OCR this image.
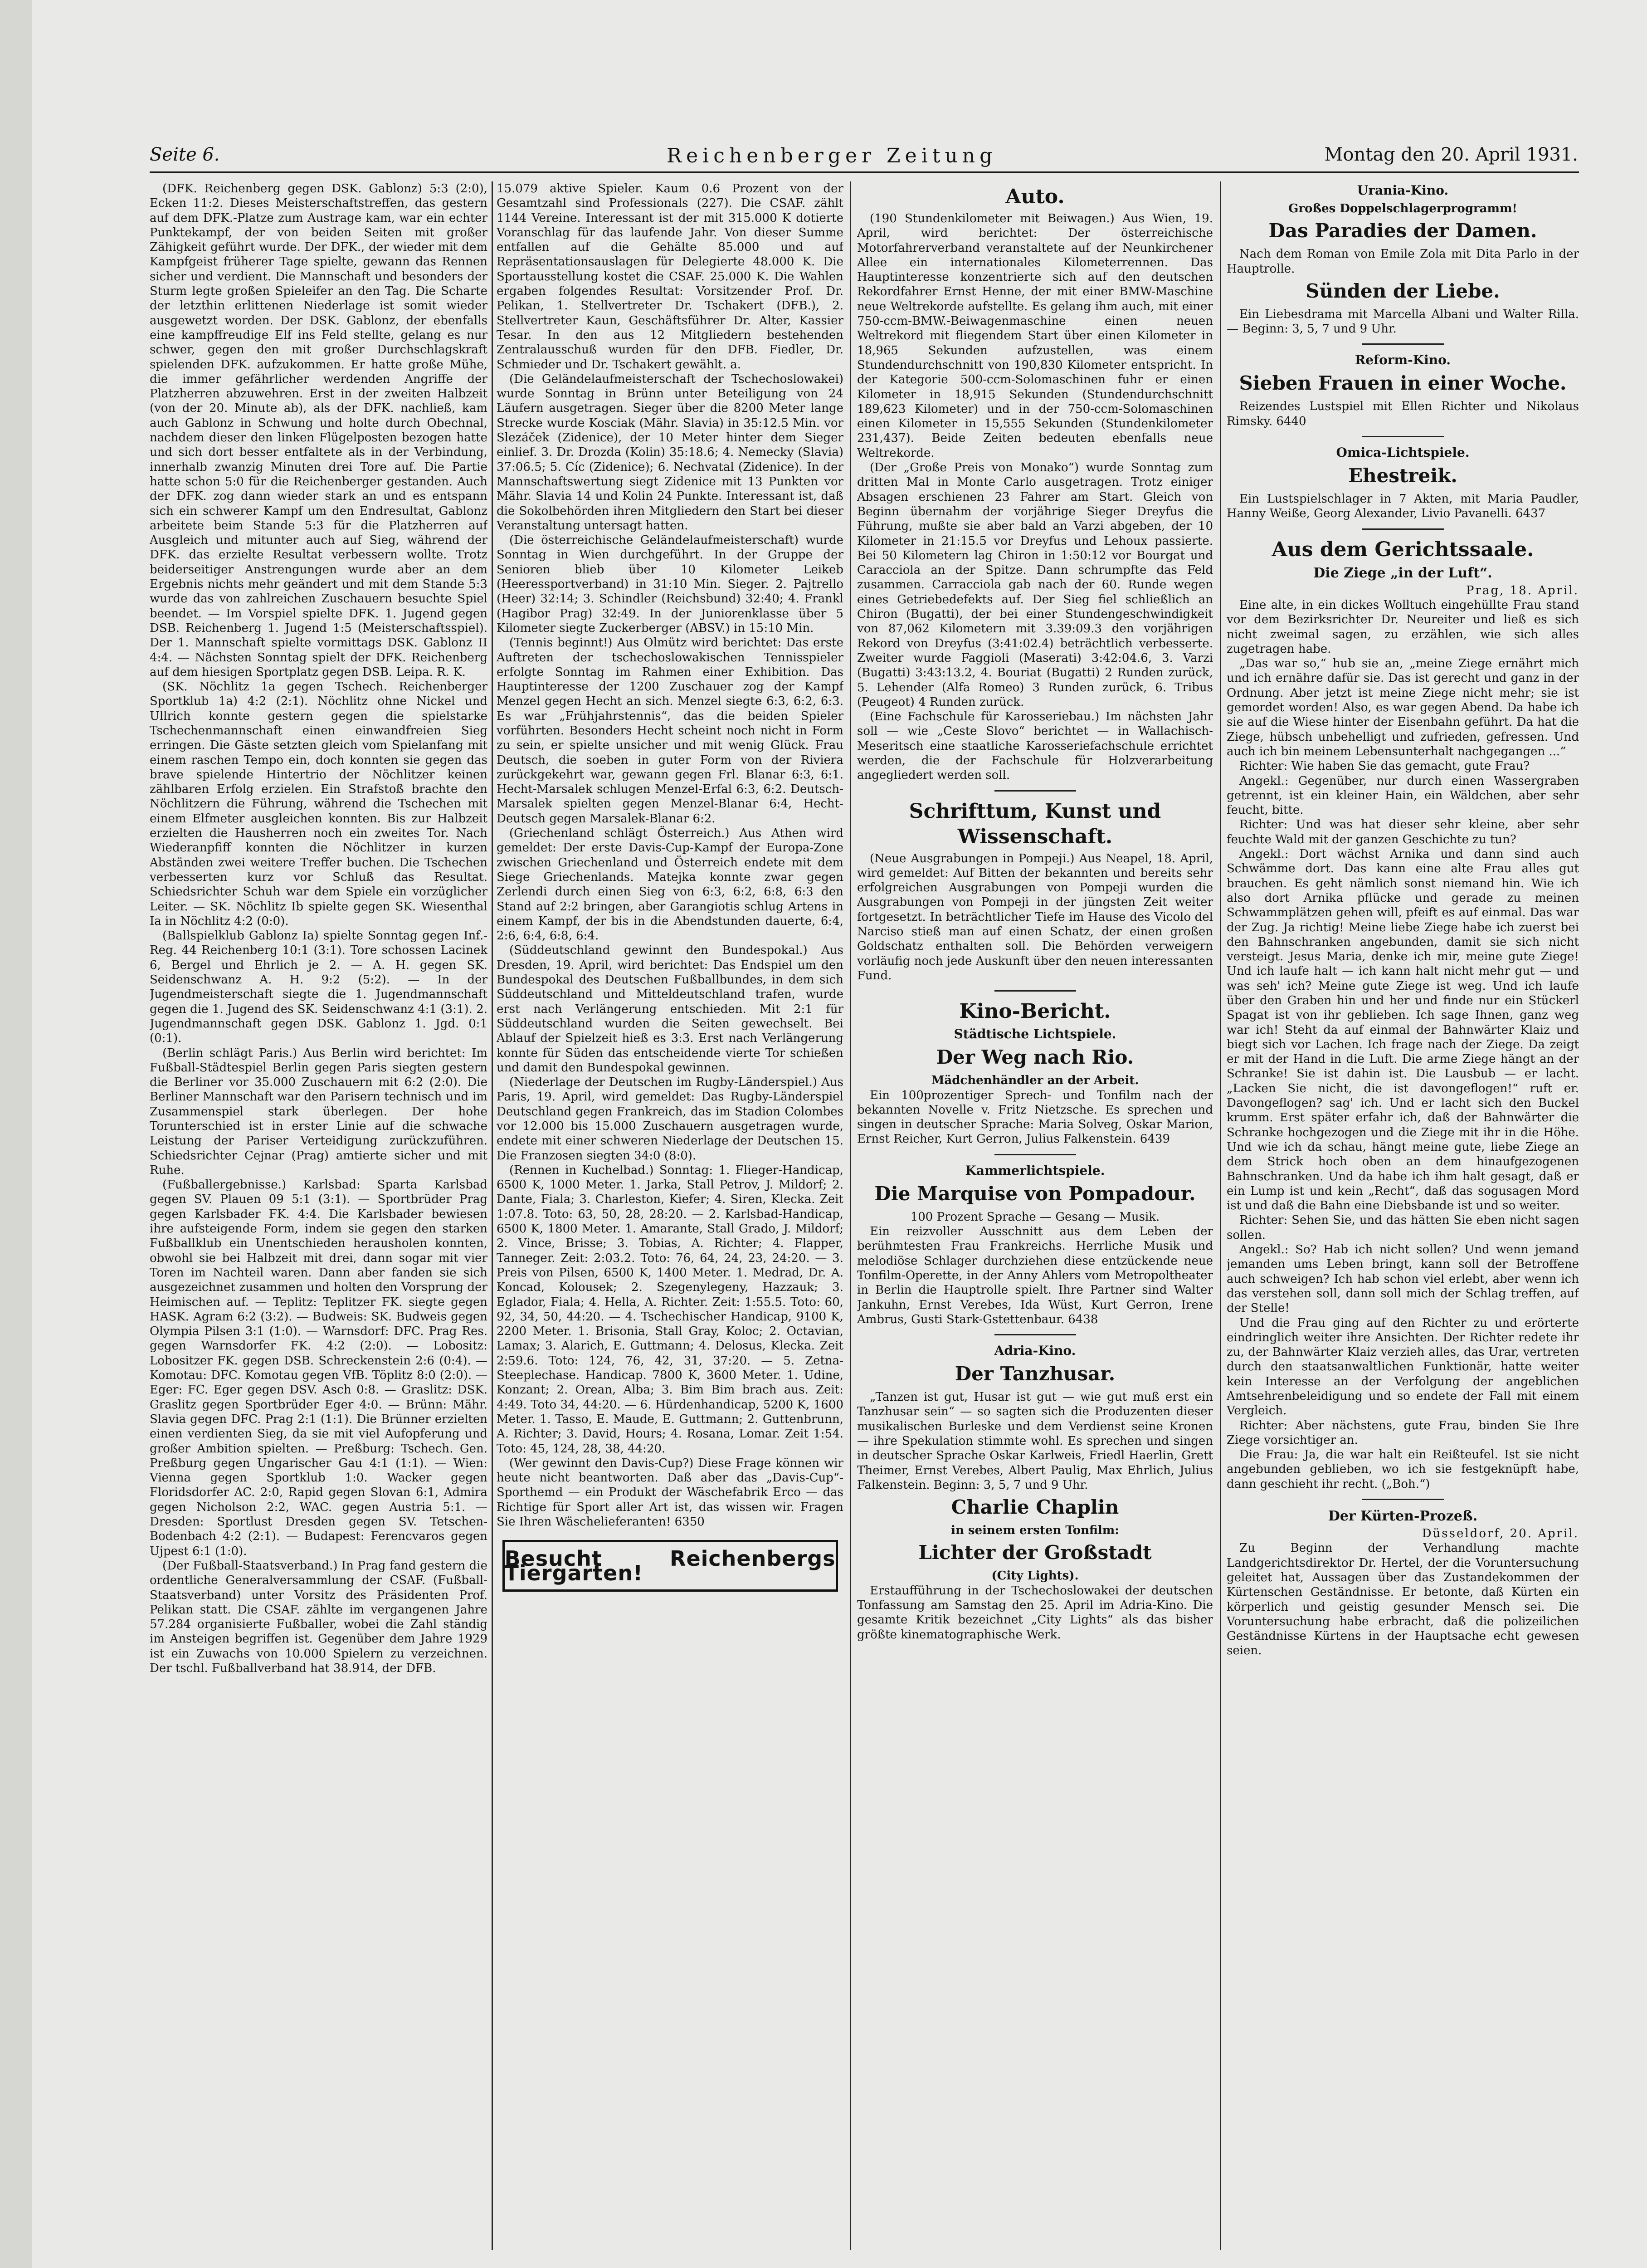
Seite 6.	Reichenberger Zeitung	Montag den 20. April 1931.

(DFK. Reichenberg gegen DSK. Gablonz) 5:3 (2:0), Ecken 11:2. Dieses Meisterschaftstreffen, das gestern auf dem DFK.-Platze zum Austrage kam, war ein echter Punktekampf, der von beiden Seiten mit großer Zähigkeit geführt wurde. Der DFK., der wieder mit dem Kampfgeist früherer Tage spielte, gewann das Rennen sicher und verdient. Die Mannschaft und besonders der Sturm legte großen Spieleifer an den Tag. Die Scharte der letzthin erlittenen Niederlage ist somit wieder ausgewetzt worden. Der DSK. Gablonz, der ebenfalls eine kampffreudige Elf ins Feld stellte, gelang es nur schwer, gegen den mit großer Durchschlagskraft spielenden DFK. aufzukommen. Er hatte große Mühe, die immer gefährlicher werdenden Angriffe der Platzherren abzuwehren. Erst in der zweiten Halbzeit (von der 20. Minute ab), als der DFK. nachließ, kam auch Gablonz in Schwung und holte durch Obechnal, nachdem dieser den linken Flügelposten bezogen hatte und sich dort besser entfaltete als in der Verbindung, innerhalb zwanzig Minuten drei Tore auf. Die Partie hatte schon 5:0 für die Reichenberger gestanden. Auch der DFK. zog dann wieder stark an und es entspann sich ein schwerer Kampf um den Endresultat, Gablonz arbeitete beim Stande 5:3 für die Platzherren auf Ausgleich und mitunter auch auf Sieg, während der DFK. das erzielte Resultat verbessern wollte. Trotz beiderseitiger Anstrengungen wurde aber an dem Ergebnis nichts mehr geändert und mit dem Stande 5:3 wurde das von zahlreichen Zuschauern besuchte Spiel beendet. — Im Vorspiel spielte DFK. 1. Jugend gegen DSB. Reichenberg 1. Jugend 1:5 (Meisterschaftsspiel). Der 1. Mannschaft spielte vormittags DSK. Gablonz II 4:4. — Nächsten Sonntag spielt der DFK. Reichenberg auf dem hiesigen Sportplatz gegen DSB. Leipa. R. K.

(SK. Nöchlitz 1a gegen Tschech. Reichenberger Sportklub 1a) 4:2 (2:1). Nöchlitz ohne Nickel und Ullrich konnte gestern gegen die spielstarke Tschechenmannschaft einen einwandfreien Sieg erringen. Die Gäste setzten gleich vom Spielanfang mit einem raschen Tempo ein, doch konnten sie gegen das brave spielende Hintertrio der Nöchlitzer keinen zählbaren Erfolg erzielen. Ein Strafstoß brachte den Nöchlitzern die Führung, während die Tschechen mit einem Elfmeter ausgleichen konnten. Bis zur Halbzeit erzielten die Hausherren noch ein zweites Tor. Nach Wiederanpfiff konnten die Nöchlitzer in kurzen Abständen zwei weitere Treffer buchen. Die Tschechen verbesserten kurz vor Schluß das Resultat. Schiedsrichter Schuh war dem Spiele ein vorzüglicher Leiter. — SK. Nöchlitz Ib spielte gegen SK. Wiesenthal Ia in Nöchlitz 4:2 (0:0).

(Ballspielklub Gablonz Ia) spielte Sonntag gegen Inf.-Reg. 44 Reichenberg 10:1 (3:1). Tore schossen Lacinek 6, Bergel und Ehrlich je 2. — A. H. gegen SK. Seidenschwanz A. H. 9:2 (5:2). — In der Jugendmeisterschaft siegte die 1. Jugendmannschaft gegen die 1. Jugend des SK. Seidenschwanz 4:1 (3:1). 2. Jugendmannschaft gegen DSK. Gablonz 1. Jgd. 0:1 (0:1).

(Berlin schlägt Paris.) Aus Berlin wird berichtet: Im Fußball-Städtespiel Berlin gegen Paris siegten gestern die Berliner vor 35.000 Zuschauern mit 6:2 (2:0). Die Berliner Mannschaft war den Parisern technisch und im Zusammenspiel stark überlegen. Der hohe Torunterschied ist in erster Linie auf die schwache Leistung der Pariser Verteidigung zurückzuführen. Schiedsrichter Cejnar (Prag) amtierte sicher und mit Ruhe.

(Fußballergebnisse.) Karlsbad: Sparta Karlsbad gegen SV. Plauen 09 5:1 (3:1). — Sportbrüder Prag gegen Karlsbader FK. 4:4. Die Karlsbader bewiesen ihre aufsteigende Form, indem sie gegen den starken Fußballklub ein Unentschieden herausholen konnten, obwohl sie bei Halbzeit mit drei, dann sogar mit vier Toren im Nachteil waren. Dann aber fanden sie sich ausgezeichnet zusammen und holten den Vorsprung der Heimischen auf. — Teplitz: Teplitzer FK. siegte gegen HASK. Agram 6:2 (3:2). — Budweis: SK. Budweis gegen Olympia Pilsen 3:1 (1:0). — Warnsdorf: DFC. Prag Res. gegen Warnsdorfer FK. 4:2 (2:0). — Lobositz: Lobositzer FK. gegen DSB. Schreckenstein 2:6 (0:4). — Komotau: DFC. Komotau gegen VfB. Töplitz 8:0 (2:0). — Eger: FC. Eger gegen DSV. Asch 0:8. — Graslitz: DSK. Graslitz gegen Sportbrüder Eger 4:0. — Brünn: Mähr. Slavia gegen DFC. Prag 2:1 (1:1). Die Brünner erzielten einen verdienten Sieg, da sie mit viel Aufopferung und großer Ambition spielten. — Preßburg: Tschech. Gen. Preßburg gegen Ungarischer Gau 4:1 (1:1). — Wien: Vienna gegen Sportklub 1:0. Wacker gegen Floridsdorfer AC. 2:0, Rapid gegen Slovan 6:1, Admira gegen Nicholson 2:2, WAC. gegen Austria 5:1. — Dresden: Sportlust Dresden gegen SV. Tetschen-Bodenbach 4:2 (2:1). — Budapest: Ferencvaros gegen Ujpest 6:1 (1:0).

(Der Fußball-Staatsverband.) In Prag fand gestern die ordentliche Generalversammlung der CSAF. (Fußball-Staatsverband) unter Vorsitz des Präsidenten Prof. Pelikan statt. Die CSAF. zählte im vergangenen Jahre 57.284 organisierte Fußballer, wobei die Zahl ständig im Ansteigen begriffen ist. Gegenüber dem Jahre 1929 ist ein Zuwachs von 10.000 Spielern zu verzeichnen. Der tschl. Fußballverband hat 38.914, der DFB.

15.079 aktive Spieler. Kaum 0.6 Prozent von der Gesamtzahl sind Professionals (227). Die CSAF. zählt 1144 Vereine. Interessant ist der mit 315.000 K dotierte Voranschlag für das laufende Jahr. Von dieser Summe entfallen auf die Gehälte 85.000 und auf Repräsentationsauslagen für Delegierte 48.000 K. Die Sportausstellung kostet die CSAF. 25.000 K. Die Wahlen ergaben folgendes Resultat: Vorsitzender Prof. Dr. Pelikan, 1. Stellvertreter Dr. Tschakert (DFB.), 2. Stellvertreter Kaun, Geschäftsführer Dr. Alter, Kassier Tesar. In den aus 12 Mitgliedern bestehenden Zentralausschuß wurden für den DFB. Fiedler, Dr. Schmieder und Dr. Tschakert gewählt. a.

(Die Geländelaufmeisterschaft der Tschechoslowakei) wurde Sonntag in Brünn unter Beteiligung von 24 Läufern ausgetragen. Sieger über die 8200 Meter lange Strecke wurde Kosciak (Mähr. Slavia) in 35:12.5 Min. vor Slezáček (Zidenice), der 10 Meter hinter dem Sieger einlief. 3. Dr. Drozda (Kolin) 35:18.6; 4. Nemecky (Slavia) 37:06.5; 5. Cíc (Zidenice); 6. Nechvatal (Zidenice). In der Mannschaftswertung siegt Zidenice mit 13 Punkten vor Mähr. Slavia 14 und Kolin 24 Punkte. Interessant ist, daß die Sokolbehörden ihren Mitgliedern den Start bei dieser Veranstaltung untersagt hatten.

(Die österreichische Geländelaufmeisterschaft) wurde Sonntag in Wien durchgeführt. In der Gruppe der Senioren blieb über 10 Kilometer Leikeb (Heeressportverband) in 31:10 Min. Sieger. 2. Pajtrello (Heer) 32:14; 3. Schindler (Reichsbund) 32:40; 4. Frankl (Hagibor Prag) 32:49. In der Juniorenklasse über 5 Kilometer siegte Zuckerberger (ABSV.) in 15:10 Min.

(Tennis beginnt!) Aus Olmütz wird berichtet: Das erste Auftreten der tschechoslowakischen Tennisspieler erfolgte Sonntag im Rahmen einer Exhibition. Das Hauptinteresse der 1200 Zuschauer zog der Kampf Menzel gegen Hecht an sich. Menzel siegte 6:3, 6:2, 6:3. Es war „Frühjahrstennis“, das die beiden Spieler vorführten. Besonders Hecht scheint noch nicht in Form zu sein, er spielte unsicher und mit wenig Glück. Frau Deutsch, die soeben in guter Form von der Riviera zurückgekehrt war, gewann gegen Frl. Blanar 6:3, 6:1. Hecht-Marsalek schlugen Menzel-Erfal 6:3, 6:2. Deutsch-Marsalek spielten gegen Menzel-Blanar 6:4, Hecht-Deutsch gegen Marsalek-Blanar 6:2.

(Griechenland schlägt Österreich.) Aus Athen wird gemeldet: Der erste Davis-Cup-Kampf der Europa-Zone zwischen Griechenland und Österreich endete mit dem Siege Griechenlands. Matejka konnte zwar gegen Zerlendi durch einen Sieg von 6:3, 6:2, 6:8, 6:3 den Stand auf 2:2 bringen, aber Garangiotis schlug Artens in einem Kampf, der bis in die Abendstunden dauerte, 6:4, 2:6, 6:4, 6:8, 6:4.

(Süddeutschland gewinnt den Bundespokal.) Aus Dresden, 19. April, wird berichtet: Das Endspiel um den Bundespokal des Deutschen Fußballbundes, in dem sich Süddeutschland und Mitteldeutschland trafen, wurde erst nach Verlängerung entschieden. Mit 2:1 für Süddeutschland wurden die Seiten gewechselt. Bei Ablauf der Spielzeit hieß es 3:3. Erst nach Verlängerung konnte für Süden das entscheidende vierte Tor schießen und damit den Bundespokal gewinnen.

(Niederlage der Deutschen im Rugby-Länderspiel.) Aus Paris, 19. April, wird gemeldet: Das Rugby-Länderspiel Deutschland gegen Frankreich, das im Stadion Colombes vor 12.000 bis 15.000 Zuschauern ausgetragen wurde, endete mit einer schweren Niederlage der Deutschen 15. Die Franzosen siegten 34:0 (8:0).

(Rennen in Kuchelbad.) Sonntag: 1. Flieger-Handicap, 6500 K, 1000 Meter. 1. Jarka, Stall Petrov, J. Mildorf; 2. Dante, Fiala; 3. Charleston, Kiefer; 4. Siren, Klecka. Zeit 1:07.8. Toto: 63, 50, 28, 28:20. — 2. Karlsbad-Handicap, 6500 K, 1800 Meter. 1. Amarante, Stall Grado, J. Mildorf; 2. Vince, Brisse; 3. Tobias, A. Richter; 4. Flapper, Tanneger. Zeit: 2:03.2. Toto: 76, 64, 24, 23, 24:20. — 3. Preis von Pilsen, 6500 K, 1400 Meter. 1. Medrad, Dr. A. Koncad, Kolousek; 2. Szegenylegeny, Hazzauk; 3. Eglador, Fiala; 4. Hella, A. Richter. Zeit: 1:55.5. Toto: 60, 92, 34, 50, 44:20. — 4. Tschechischer Handicap, 9100 K, 2200 Meter. 1. Brisonia, Stall Gray, Koloc; 2. Octavian, Lamax; 3. Alarich, E. Guttmann; 4. Delosus, Klecka. Zeit 2:59.6. Toto: 124, 76, 42, 31, 37:20. — 5. Zetna-Steeplechase. Handicap. 7800 K, 3600 Meter. 1. Udine, Konzant; 2. Orean, Alba; 3. Bim Bim brach aus. Zeit: 4:49. Toto 34, 44:20. — 6. Hürdenhandicap, 5200 K, 1600 Meter. 1. Tasso, E. Maude, E. Guttmann; 2. Guttenbrunn, A. Richter; 3. David, Hours; 4. Rosana, Lomar. Zeit 1:54. Toto: 45, 124, 28, 38, 44:20.

(Wer gewinnt den Davis-Cup?) Diese Frage können wir heute nicht beantworten. Daß aber das „Davis-Cup“-Sporthemd — ein Produkt der Wäschefabrik Erco — das Richtige für Sport aller Art ist, das wissen wir. Fragen Sie Ihren Wäschelieferanten! 6350

Besucht Reichenbergs Tiergarten!
Auto.

(190 Stundenkilometer mit Beiwagen.) Aus Wien, 19. April, wird berichtet: Der österreichische Motorfahrerverband veranstaltete auf der Neunkirchener Allee ein internationales Kilometerrennen. Das Hauptinteresse konzentrierte sich auf den deutschen Rekordfahrer Ernst Henne, der mit einer BMW-Maschine neue Weltrekorde aufstellte. Es gelang ihm auch, mit einer 750-ccm-BMW.-Beiwagenmaschine einen neuen Weltrekord mit fliegendem Start über einen Kilometer in 18,965 Sekunden aufzustellen, was einem Stundendurchschnitt von 190,830 Kilometer entspricht. In der Kategorie 500-ccm-Solomaschinen fuhr er einen Kilometer in 18,915 Sekunden (Stundendurchschnitt 189,623 Kilometer) und in der 750-ccm-Solomaschinen einen Kilometer in 15,555 Sekunden (Stundenkilometer 231,437). Beide Zeiten bedeuten ebenfalls neue Weltrekorde.

(Der „Große Preis von Monako“) wurde Sonntag zum dritten Mal in Monte Carlo ausgetragen. Trotz einiger Absagen erschienen 23 Fahrer am Start. Gleich von Beginn übernahm der vorjährige Sieger Dreyfus die Führung, mußte sie aber bald an Varzi abgeben, der 10 Kilometer in 21:15.5 vor Dreyfus und Lehoux passierte. Bei 50 Kilometern lag Chiron in 1:50:12 vor Bourgat und Caracciola an der Spitze. Dann schrumpfte das Feld zusammen. Carracciola gab nach der 60. Runde wegen eines Getriebedefekts auf. Der Sieg fiel schließlich an Chiron (Bugatti), der bei einer Stundengeschwindigkeit von 87,062 Kilometern mit 3.39:09.3 den vorjährigen Rekord von Dreyfus (3:41:02.4) beträchtlich verbesserte. Zweiter wurde Faggioli (Maserati) 3:42:04.6, 3. Varzi (Bugatti) 3:43:13.2, 4. Bouriat (Bugatti) 2 Runden zurück, 5. Lehender (Alfa Romeo) 3 Runden zurück, 6. Tribus (Peugeot) 4 Runden zurück.

(Eine Fachschule für Karosseriebau.) Im nächsten Jahr soll — wie „Ceste Slovo“ berichtet — in Wallachisch-Meseritsch eine staatliche Karosseriefachschule errichtet werden, die der Fachschule für Holzverarbeitung angegliedert werden soll.

Schrifttum, Kunst und Wissenschaft.

(Neue Ausgrabungen in Pompeji.) Aus Neapel, 18. April, wird gemeldet: Auf Bitten der bekannten und bereits sehr erfolgreichen Ausgrabungen von Pompeji wurden die Ausgrabungen von Pompeji in der jüngsten Zeit weiter fortgesetzt. In beträchtlicher Tiefe im Hause des Vicolo del Narciso stieß man auf einen Schatz, der einen großen Goldschatz enthalten soll. Die Behörden verweigern vorläufig noch jede Auskunft über den neuen interessanten Fund.

Kino-Bericht.
Städtische Lichtspiele.
Der Weg nach Rio.

Mädchenhändler an der Arbeit.

Ein 100prozentiger Sprech- und Tonfilm nach der bekannten Novelle v. Fritz Nietzsche. Es sprechen und singen in deutscher Sprache: Maria Solveg, Oskar Marion, Ernst Reicher, Kurt Gerron, Julius Falkenstein. 6439

Kammerlichtspiele.
Die Marquise von Pompadour.

100 Prozent Sprache — Gesang — Musik.

Ein reizvoller Ausschnitt aus dem Leben der berühmtesten Frau Frankreichs. Herrliche Musik und melodiöse Schlager durchziehen diese entzückende neue Tonfilm-Operette, in der Anny Ahlers vom Metropoltheater in Berlin die Hauptrolle spielt. Ihre Partner sind Walter Jankuhn, Ernst Verebes, Ida Wüst, Kurt Gerron, Irene Ambrus, Gusti Stark-Gstettenbaur. 6438

Adria-Kino.
Der Tanzhusar.

„Tanzen ist gut, Husar ist gut — wie gut muß erst ein Tanzhusar sein“ — so sagten sich die Produzenten dieser musikalischen Burleske und dem Verdienst seine Kronen — ihre Spekulation stimmte wohl. Es sprechen und singen in deutscher Sprache Oskar Karlweis, Friedl Haerlin, Grett Theimer, Ernst Verebes, Albert Paulig, Max Ehrlich, Julius Falkenstein. Beginn: 3, 5, 7 und 9 Uhr.

Charlie Chaplin

in seinem ersten Tonfilm:

Lichter der Großstadt

(City Lights).

Erstaufführung in der Tschechoslowakei der deutschen Tonfassung am Samstag den 25. April im Adria-Kino. Die gesamte Kritik bezeichnet „City Lights“ als das bisher größte kinematographische Werk.

Urania-Kino.

Großes Doppelschlagerprogramm!

Das Paradies der Damen.

Nach dem Roman von Emile Zola mit Dita Parlo in der Hauptrolle.

Sünden der Liebe.

Ein Liebesdrama mit Marcella Albani und Walter Rilla. — Beginn: 3, 5, 7 und 9 Uhr.

Reform-Kino.
Sieben Frauen in einer Woche.

Reizendes Lustspiel mit Ellen Richter und Nikolaus Rimsky. 6440

Omica-Lichtspiele.
Ehestreik.

Ein Lustspielschlager in 7 Akten, mit Maria Paudler, Hanny Weiße, Georg Alexander, Livio Pavanelli. 6437

Aus dem Gerichtssaale.
Die Ziege „in der Luft“.

Prag, 18. April.

Eine alte, in ein dickes Wolltuch eingehüllte Frau stand vor dem Bezirksrichter Dr. Neureiter und ließ es sich nicht zweimal sagen, zu erzählen, wie sich alles zugetragen habe.

„Das war so,“ hub sie an, „meine Ziege ernährt mich und ich ernähre dafür sie. Das ist gerecht und ganz in der Ordnung. Aber jetzt ist meine Ziege nicht mehr; sie ist gemordet worden! Also, es war gegen Abend. Da habe ich sie auf die Wiese hinter der Eisenbahn geführt. Da hat die Ziege, hübsch unbehelligt und zufrieden, gefressen. Und auch ich bin meinem Lebensunterhalt nachgegangen ...“

Richter: Wie haben Sie das gemacht, gute Frau?

Angekl.: Gegenüber, nur durch einen Wassergraben getrennt, ist ein kleiner Hain, ein Wäldchen, aber sehr feucht, bitte.

Richter: Und was hat dieser sehr kleine, aber sehr feuchte Wald mit der ganzen Geschichte zu tun?

Angekl.: Dort wächst Arnika und dann sind auch Schwämme dort. Das kann eine alte Frau alles gut brauchen. Es geht nämlich sonst niemand hin. Wie ich also dort Arnika pflücke und gerade zu meinen Schwammplätzen gehen will, pfeift es auf einmal. Das war der Zug. Ja richtig! Meine liebe Ziege habe ich zuerst bei den Bahnschranken angebunden, damit sie sich nicht versteigt. Jesus Maria, denke ich mir, meine gute Ziege! Und ich laufe halt — ich kann halt nicht mehr gut — und was seh' ich? Meine gute Ziege ist weg. Und ich laufe über den Graben hin und her und finde nur ein Stückerl Spagat ist von ihr geblieben. Ich sage Ihnen, ganz weg war ich! Steht da auf einmal der Bahnwärter Klaiz und biegt sich vor Lachen. Ich frage nach der Ziege. Da zeigt er mit der Hand in die Luft. Die arme Ziege hängt an der Schranke! Sie ist dahin ist. Die Lausbub — er lacht. „Lacken Sie nicht, die ist davongeflogen!“ ruft er. Davongeflogen? sag' ich. Und er lacht sich den Buckel krumm. Erst später erfahr ich, daß der Bahnwärter die Schranke hochgezogen und die Ziege mit ihr in die Höhe. Und wie ich da schau, hängt meine gute, liebe Ziege an dem Strick hoch oben an dem hinaufgezogenen Bahnschranken. Und da habe ich ihm halt gesagt, daß er ein Lump ist und kein „Recht“, daß das sogusagen Mord ist und daß die Bahn eine Diebsbande ist und so weiter.

Richter: Sehen Sie, und das hätten Sie eben nicht sagen sollen.

Angekl.: So? Hab ich nicht sollen? Und wenn jemand jemanden ums Leben bringt, kann soll der Betroffene auch schweigen? Ich hab schon viel erlebt, aber wenn ich das verstehen soll, dann soll mich der Schlag treffen, auf der Stelle!

Und die Frau ging auf den Richter zu und erörterte eindringlich weiter ihre Ansichten. Der Richter redete ihr zu, der Bahnwärter Klaiz verzieh alles, das Urar, vertreten durch den staatsanwaltlichen Funktionär, hatte weiter kein Interesse an der Verfolgung der angeblichen Amtsehrenbeleidigung und so endete der Fall mit einem Vergleich.

Richter: Aber nächstens, gute Frau, binden Sie Ihre Ziege vorsichtiger an.

Die Frau: Ja, die war halt ein Reißteufel. Ist sie nicht angebunden geblieben, wo ich sie festgeknüpft habe, dann geschieht ihr recht. („Boh.“)

Der Kürten-Prozeß.

Düsseldorf, 20. April.

Zu Beginn der Verhandlung machte Landgerichtsdirektor Dr. Hertel, der die Voruntersuchung geleitet hat, Aussagen über das Zustandekommen der Kürtenschen Geständnisse. Er betonte, daß Kürten ein körperlich und geistig gesunder Mensch sei. Die Voruntersuchung habe erbracht, daß die polizeilichen Geständnisse Kürtens in der Hauptsache echt gewesen seien.
